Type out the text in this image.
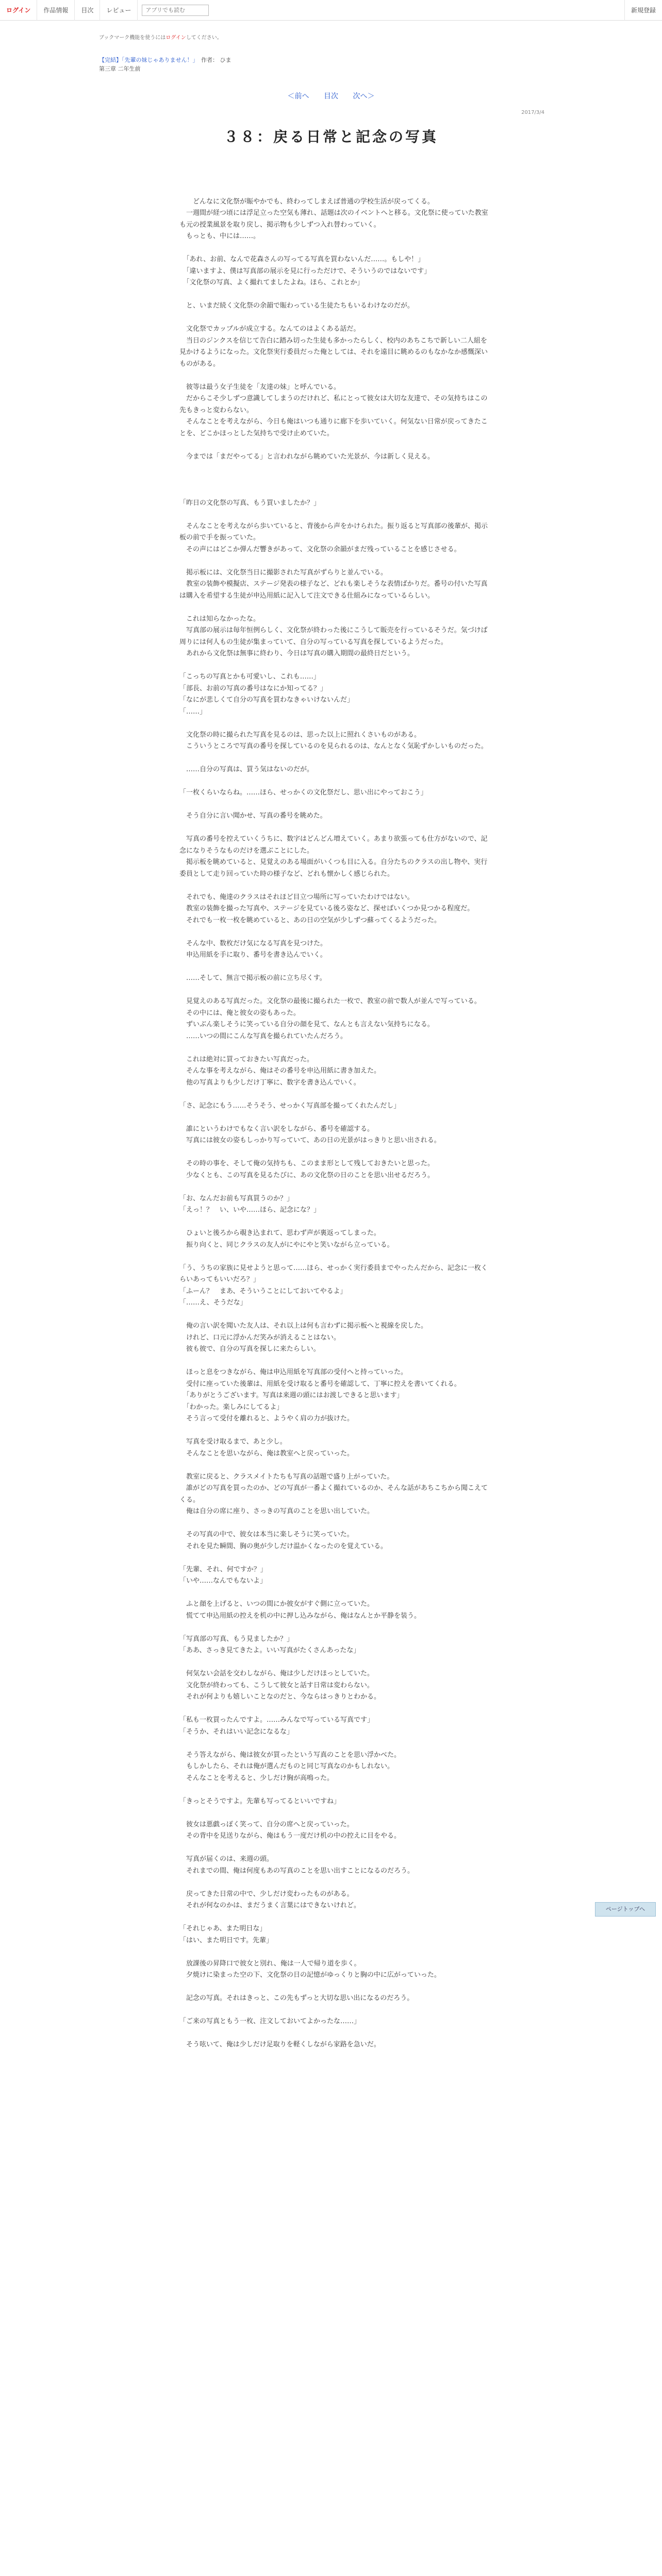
ログイン	作品情報	目次	レビュー
アプリでも読む	新規登録
ブックマーク機能を使うにはログインしてください。
【完結】「先輩の妹じゃありません！」　 作者： ひま
第三章 二年生前
＜前へ 目次 次へ＞
2017/3/4
３８：戻る日常と記念の写真

　　どんなに文化祭が賑やかでも、終わってしまえば普通の学校生活が戻ってくる。
　一週間が経つ頃には浮足立った空気も薄れ、話題は次のイベントへと移る。文化祭に使っていた教室も元の授業風景を取り戻し、掲示物も少しずつ入れ替わっていく。
　もっとも、中には……。

　「あれ、お前、なんで花森さんの写ってる写真を買わないんだ……。もしや！」
　「違いますよ、僕は写真部の展示を見に行っただけで、そういうのではないです」
　「文化祭の写真、よく撮れてましたよね。ほら、これとか」

　と、いまだ続く文化祭の余韻で賑わっている生徒たちもいるわけなのだが。

　文化祭でカップルが成立する。なんてのはよくある話だ。
　当日のジンクスを信じて告白に踏み切った生徒も多かったらしく、校内のあちこちで新しい二人組を見かけるようになった。文化祭実行委員だった俺としては、それを遠目に眺めるのもなかなか感慨深いものがある。

　彼等は最う女子生徒を「友達の妹」と呼んでいる。
　だからこそ少しずつ意識してしまうのだけれど、私にとって彼女は大切な友達で、その気持ちはこの先もきっと変わらない。
　そんなことを考えながら、今日も俺はいつも通りに廊下を歩いていく。何気ない日常が戻ってきたことを、どこかほっとした気持ちで受け止めていた。

　今までは「まだやってる」と言われながら眺めていた光景が、今は新しく見える。

「昨日の文化祭の写真、もう買いましたか？」

　そんなことを考えながら歩いていると、背後から声をかけられた。振り返ると写真部の後輩が、掲示板の前で手を振っていた。
　その声にはどこか弾んだ響きがあって、文化祭の余韻がまだ残っていることを感じさせる。

　掲示板には、文化祭当日に撮影された写真がずらりと並んでいる。
　教室の装飾や模擬店、ステージ発表の様子など、どれも楽しそうな表情ばかりだ。番号の付いた写真は購入を希望する生徒が申込用紙に記入して注文できる仕組みになっているらしい。

　これは知らなかったな。
　写真部の展示は毎年恒例らしく、文化祭が終わった後にこうして販売を行っているそうだ。気づけば周りには何人もの生徒が集まっていて、自分の写っている写真を探しているようだった。
　あれから文化祭は無事に終わり、今日は写真の購入期間の最終日だという。

「こっちの写真とかも可愛いし、これも……」
「部長、お前の写真の番号はなにか知ってる？」
「なにが悲しくて自分の写真を買わなきゃいけないんだ」
「……」

　文化祭の時に撮られた写真を見るのは、思った以上に照れくさいものがある。
　こういうところで写真の番号を探しているのを見られるのは、なんとなく気恥ずかしいものだった。

　……自分の写真は、買う気はないのだが。

「一枚くらいならね。……ほら、せっかくの文化祭だし、思い出にやっておこう」

　そう自分に言い聞かせ、写真の番号を眺めた。

　写真の番号を控えていくうちに、数字はどんどん増えていく。あまり欲張っても仕方がないので、記念になりそうなものだけを選ぶことにした。
　掲示板を眺めていると、見覚えのある場面がいくつも目に入る。自分たちのクラスの出し物や、実行委員として走り回っていた時の様子など、どれも懐かしく感じられた。

　それでも、俺達のクラスはそれほど目立つ場所に写っていたわけではない。
　教室の装飾を撮った写真や、ステージを見ている後ろ姿など、探せばいくつか見つかる程度だ。
　それでも一枚一枚を眺めていると、あの日の空気が少しずつ蘇ってくるようだった。

　そんな中、数枚だけ気になる写真を見つけた。
　申込用紙を手に取り、番号を書き込んでいく。

　……そして、無言で掲示板の前に立ち尽くす。

　見覚えのある写真だった。文化祭の最後に撮られた一枚で、教室の前で数人が並んで写っている。
　その中には、俺と彼女の姿もあった。
　ずいぶん楽しそうに笑っている自分の顔を見て、なんとも言えない気持ちになる。
　……いつの間にこんな写真を撮られていたんだろう。

　これは絶対に買っておきたい写真だった。
　そんな事を考えながら、俺はその番号を申込用紙に書き加えた。
　他の写真よりも少しだけ丁寧に、数字を書き込んでいく。

「さ、記念にもう……そうそう、せっかく写真部を撮ってくれたんだし」

　誰にというわけでもなく言い訳をしながら、番号を確認する。
　写真には彼女の姿もしっかり写っていて、あの日の光景がはっきりと思い出される。

　その時の事を、そして俺の気持ちも、このまま形として残しておきたいと思った。
　少なくとも、この写真を見るたびに、あの文化祭の日のことを思い出せるだろう。

「お、なんだお前も写真買うのか？」
「えっ！？　い、いや……ほら、記念にな？」

　ひょいと後ろから覗き込まれて、思わず声が裏返ってしまった。
　振り向くと、同じクラスの友人がにやにやと笑いながら立っている。

「う、うちの家族に見せようと思って……ほら、せっかく実行委員までやったんだから、記念に一枚くらいあってもいいだろ？」
「ふーん？　まあ、そういうことにしておいてやるよ」
「……え、そうだな」

　俺の言い訳を聞いた友人は、それ以上は何も言わずに掲示板へと視線を戻した。
　けれど、口元に浮かんだ笑みが消えることはない。
　彼も彼で、自分の写真を探しに来たらしい。

　ほっと息をつきながら、俺は申込用紙を写真部の受付へと持っていった。
　受付に座っていた後輩は、用紙を受け取ると番号を確認して、丁寧に控えを書いてくれる。
　「ありがとうございます。写真は来週の頭にはお渡しできると思います」
　「わかった。楽しみにしてるよ」
　そう言って受付を離れると、ようやく肩の力が抜けた。

　写真を受け取るまで、あと少し。
　そんなことを思いながら、俺は教室へと戻っていった。

　教室に戻ると、クラスメイトたちも写真の話題で盛り上がっていた。
　誰がどの写真を買ったのか、どの写真が一番よく撮れているのか、そんな話があちこちから聞こえてくる。
　俺は自分の席に座り、さっきの写真のことを思い出していた。

　その写真の中で、彼女は本当に楽しそうに笑っていた。
　それを見た瞬間、胸の奥が少しだけ温かくなったのを覚えている。

「先輩、それ、何ですか？」
「いや……なんでもないよ」

　ふと顔を上げると、いつの間にか彼女がすぐ側に立っていた。
　慌てて申込用紙の控えを机の中に押し込みながら、俺はなんとか平静を装う。

「写真部の写真、もう見ましたか？」
「ああ、さっき見てきたよ。いい写真がたくさんあったな」

　何気ない会話を交わしながら、俺は少しだけほっとしていた。
　文化祭が終わっても、こうして彼女と話す日常は変わらない。
　それが何よりも嬉しいことなのだと、今ならはっきりとわかる。

「私も一枚買ったんですよ。……みんなで写っている写真です」
「そうか、それはいい記念になるな」

　そう答えながら、俺は彼女が買ったという写真のことを思い浮かべた。
　もしかしたら、それは俺が選んだものと同じ写真なのかもしれない。
　そんなことを考えると、少しだけ胸が高鳴った。

「きっとそうですよ。先輩も写ってるといいですね」

　彼女は悪戯っぽく笑って、自分の席へと戻っていった。
　その背中を見送りながら、俺はもう一度だけ机の中の控えに目をやる。

　写真が届くのは、来週の頭。
　それまでの間、俺は何度もあの写真のことを思い出すことになるのだろう。

　戻ってきた日常の中で、少しだけ変わったものがある。
　それが何なのかは、まだうまく言葉にはできないけれど。

「それじゃあ、また明日な」
「はい、また明日です。先輩」

　放課後の昇降口で彼女と別れ、俺は一人で帰り道を歩く。
　夕焼けに染まった空の下、文化祭の日の記憶がゆっくりと胸の中に広がっていった。

　記念の写真。それはきっと、この先もずっと大切な思い出になるのだろう。

「ご来の写真ともう一枚、注文しておいてよかったな……」

　そう呟いて、俺は少しだけ足取りを軽くしながら家路を急いだ。

ページトップへ
